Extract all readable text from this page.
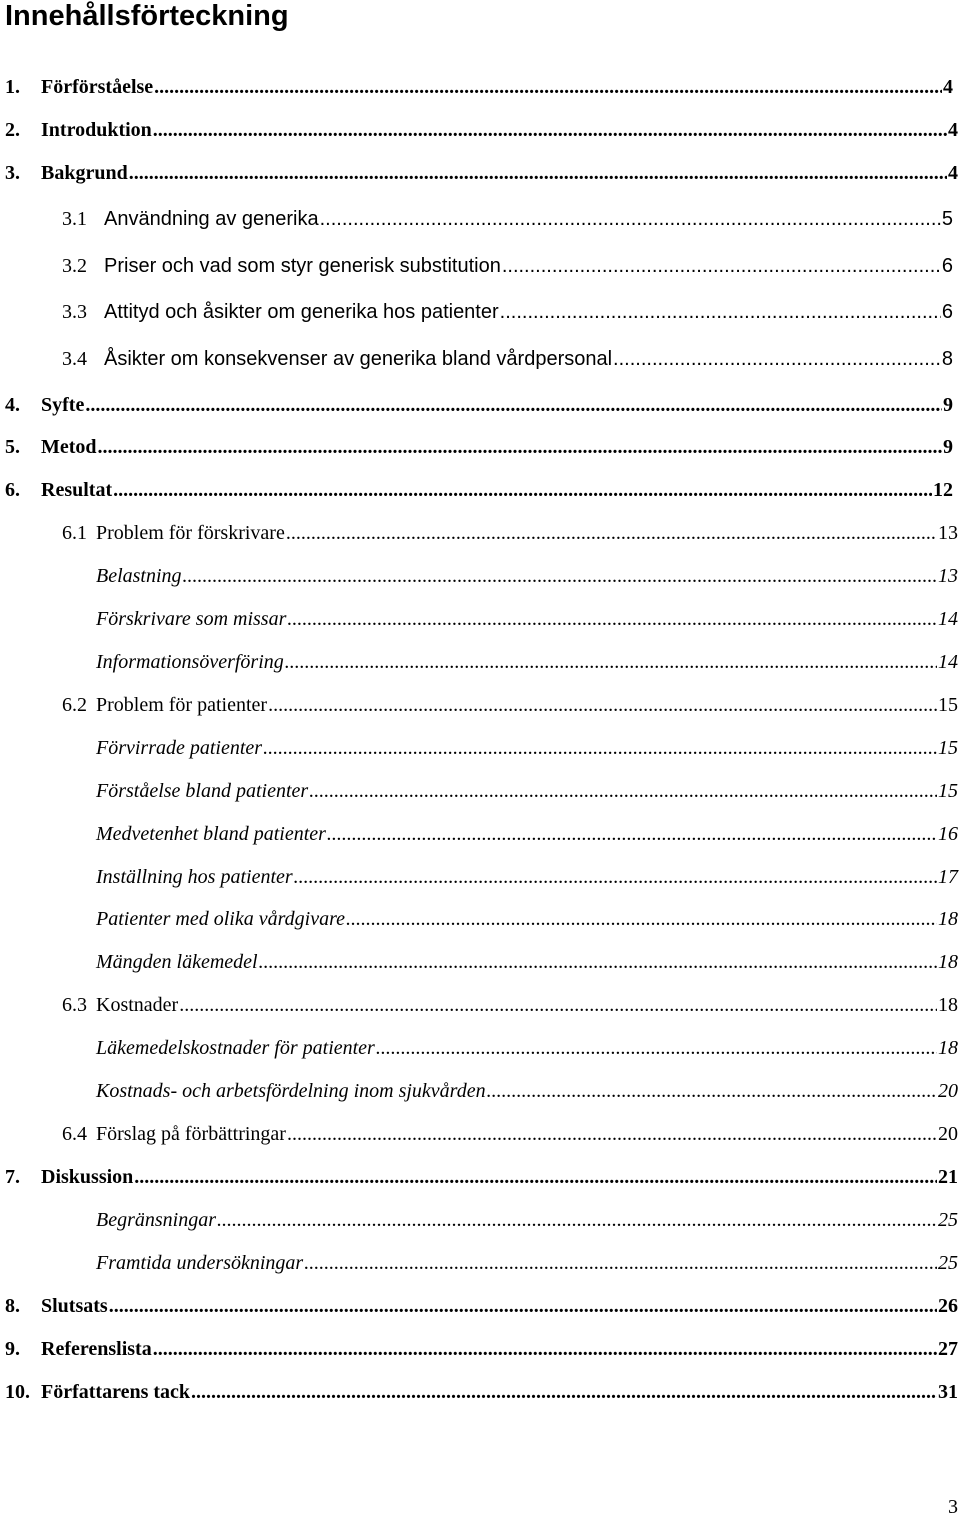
Innehållsförteckning
1.	Förförståelse .....	4
2.	Introduktion .....	4
3.	Bakgrund .....	4
3.1 Användning av generika .....	5
3.2 Priser och vad som styr generisk substitution .....	6
3.3 Attityd och åsikter om generika hos patienter .....	6
3.4 Åsikter om konsekvenser av generika bland vårdpersonal .....	8
4.	Syfte .....	9
5.	Metod .....	9
6.	Resultat .....	12
6.1 Problem för förskrivare .....	13
Belastning .....	13
Förskrivare som missar .....	14
Informationsöverföring .....	14
6.2 Problem för patienter .....	15
Förvirrade patienter .....	15
Förståelse bland patienter .....	15
Medvetenhet bland patienter .....	16
Inställning hos patienter .....	17
Patienter med olika vårdgivare .....	18
Mängden läkemedel .....	18
6.3 Kostnader .....	18
Läkemedelskostnader för patienter .....	18
Kostnads- och arbetsfördelning inom sjukvården .....	20
6.4 Förslag på förbättringar .....	20
7.	Diskussion .....	21
Begränsningar .....	25
Framtida undersökningar .....	25
8.	Slutsats .....	26
9.	Referenslista .....	27
10. Författarens tack .....	31
3
